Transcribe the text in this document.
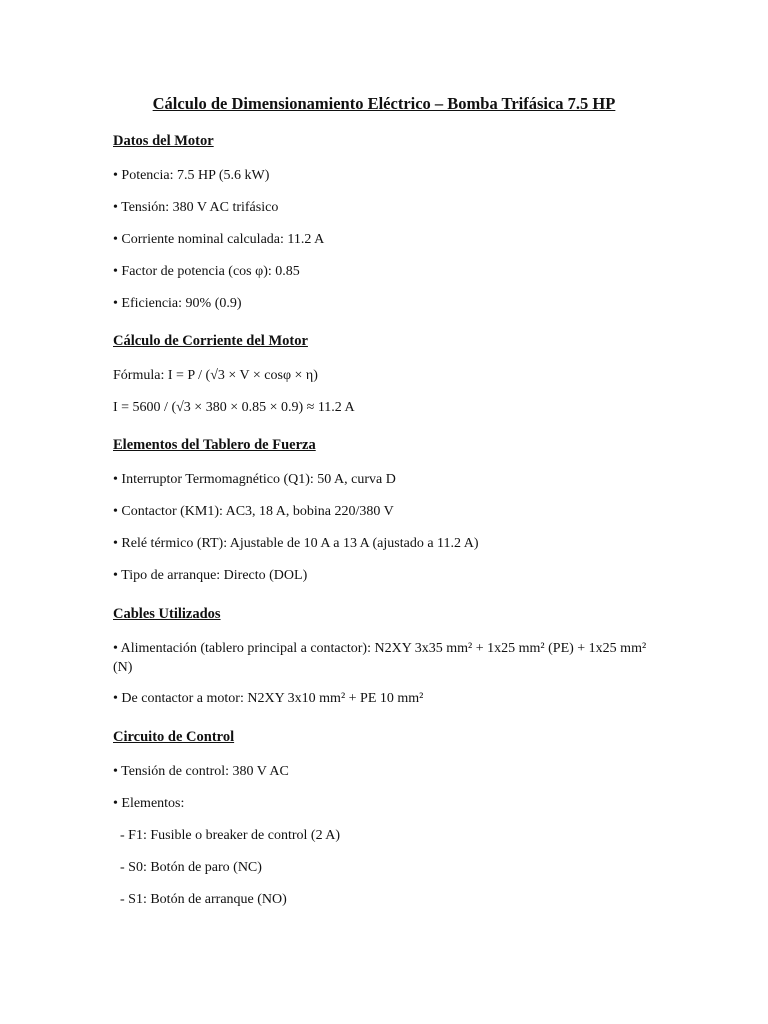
Cálculo de Dimensionamiento Eléctrico – Bomba Trifásica 7.5 HP
Datos del Motor
• Potencia: 7.5 HP (5.6 kW)
• Tensión: 380 V AC trifásico
• Corriente nominal calculada: 11.2 A
• Factor de potencia (cos φ): 0.85
• Eficiencia: 90% (0.9)
Cálculo de Corriente del Motor
Fórmula: I = P / (√3 × V × cosφ × η)
I = 5600 / (√3 × 380 × 0.85 × 0.9) ≈ 11.2 A
Elementos del Tablero de Fuerza
• Interruptor Termomagnético (Q1): 50 A, curva D
• Contactor (KM1): AC3, 18 A, bobina 220/380 V
• Relé térmico (RT): Ajustable de 10 A a 13 A (ajustado a 11.2 A)
• Tipo de arranque: Directo (DOL)
Cables Utilizados
• Alimentación (tablero principal a contactor): N2XY 3x35 mm² + 1x25 mm² (PE) + 1x25 mm² (N)
• De contactor a motor: N2XY 3x10 mm² + PE 10 mm²
Circuito de Control
• Tensión de control: 380 V AC
• Elementos:
- F1: Fusible o breaker de control (2 A)
- S0: Botón de paro (NC)
- S1: Botón de arranque (NO)
